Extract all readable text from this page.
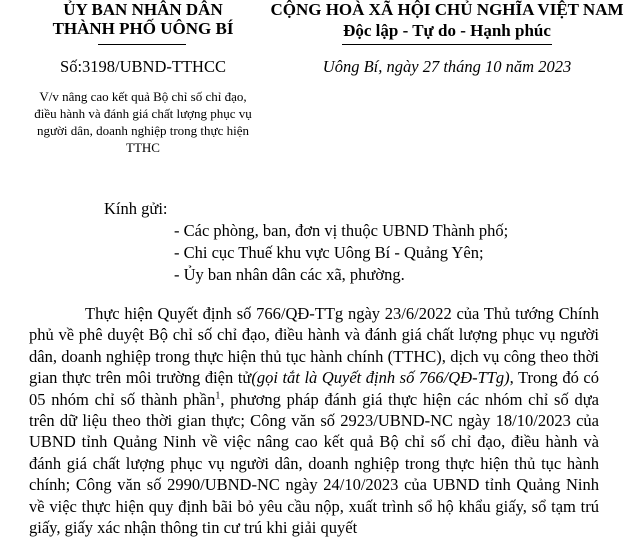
ỦY BAN NHÂN DÂN
THÀNH PHỐ UÔNG BÍ
CỘNG HOÀ XÃ HỘI CHỦ NGHĨA VIỆT NAM
Độc lập - Tự do - Hạnh phúc
Số:3198/UBND-TTHCC	Uông Bí, ngày 27 tháng 10 năm 2023
V/v nâng cao kết quả Bộ chỉ số chỉ đạo, điều hành và đánh giá chất lượng phục vụ người dân, doanh nghiệp trong thực hiện TTHC
Kính gửi:
- Các phòng, ban, đơn vị thuộc UBND Thành phố;
- Chi cục Thuế khu vực Uông Bí - Quảng Yên;
- Ủy ban nhân dân các xã, phường.

Thực hiện Quyết định số 766/QĐ-TTg ngày 23/6/2022 của Thủ tướng Chính phủ về phê duyệt Bộ chỉ số chỉ đạo, điều hành và đánh giá chất lượng phục vụ người dân, doanh nghiệp trong thực hiện thủ tục hành chính (TTHC), dịch vụ công theo thời gian thực trên môi trường điện tử(gọi tắt là Quyết định số 766/QĐ-TTg), Trong đó có 05 nhóm chỉ số thành phần$^1$, phương pháp đánh giá thực hiện các nhóm chỉ số dựa trên dữ liệu theo thời gian thực; Công văn số 2923/UBND-NC ngày 18/10/2023 của UBND tỉnh Quảng Ninh về việc nâng cao kết quả Bộ chỉ số chỉ đạo, điều hành và đánh giá chất lượng phục vụ người dân, doanh nghiệp trong thực hiện thủ tục hành chính; Công văn số 2990/UBND-NC ngày 24/10/2023 của UBND tỉnh Quảng Ninh về việc thực hiện quy định bãi bỏ yêu cầu nộp, xuất trình sổ hộ khẩu giấy, sổ tạm trú giấy, giấy xác nhận thông tin cư trú khi giải quyết
